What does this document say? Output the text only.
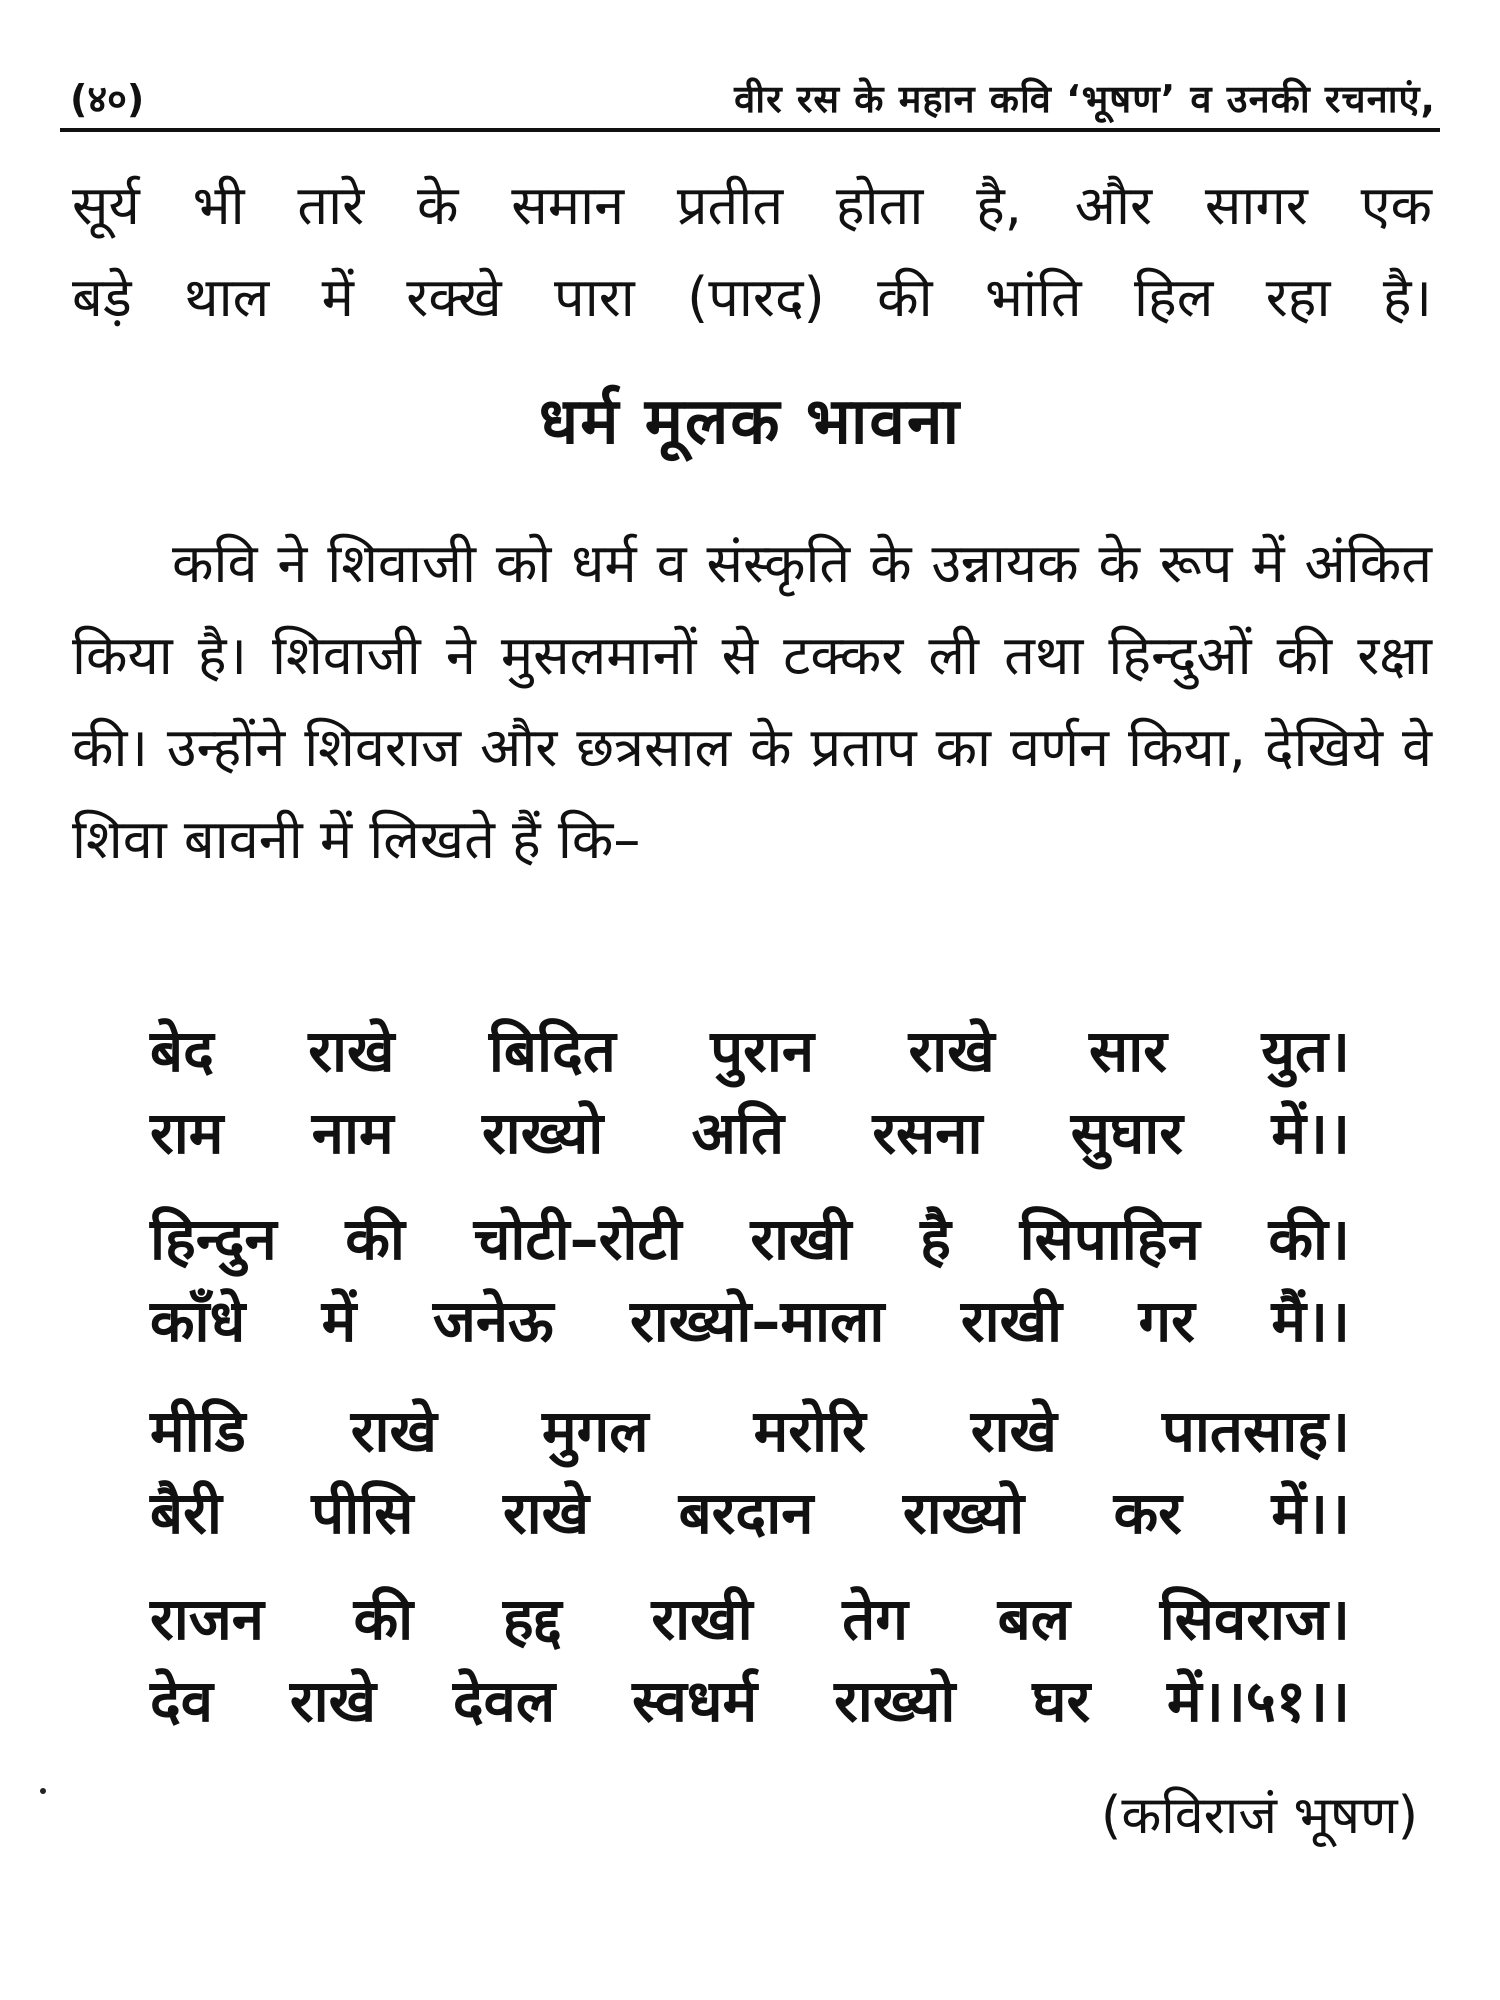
(४०)	वीर रस के महान कवि ‘भूषण’ व उनकी रचनाएं,

सूर्य भी तारे के समान प्रतीत होता है, और सागर एक
बड़े थाल में रक्खे पारा (पारद) की भांति हिल रहा है।

धर्म मूलक भावना

कवि ने शिवाजी को धर्म व संस्कृति के उन्नायक के रूप में अंकित किया है। शिवाजी ने मुसलमानों से टक्कर ली तथा हिन्दुओं की रक्षा की। उन्होंने शिवराज और छत्रसाल के प्रताप का वर्णन किया, देखिये वे शिवा बावनी में लिखते हैं कि–

बेद राखे बिदित पुरान राखे सार युत।
राम नाम राख्यो अति रसना सुघार में।।
हिन्दुन की चोटी–रोटी राखी है सिपाहिन की।
काँधे में जनेऊ राख्यो–माला राखी गर मैं।।
मीडि राखे मुगल मरोरि राखे पातसाह।
बैरी पीसि राखे बरदान राख्यो कर में।।
राजन की हद्द राखी तेग बल सिवराज।
देव राखे देवल स्वधर्म राख्यो घर में।।५१।।
(कविराजं भूषण)
